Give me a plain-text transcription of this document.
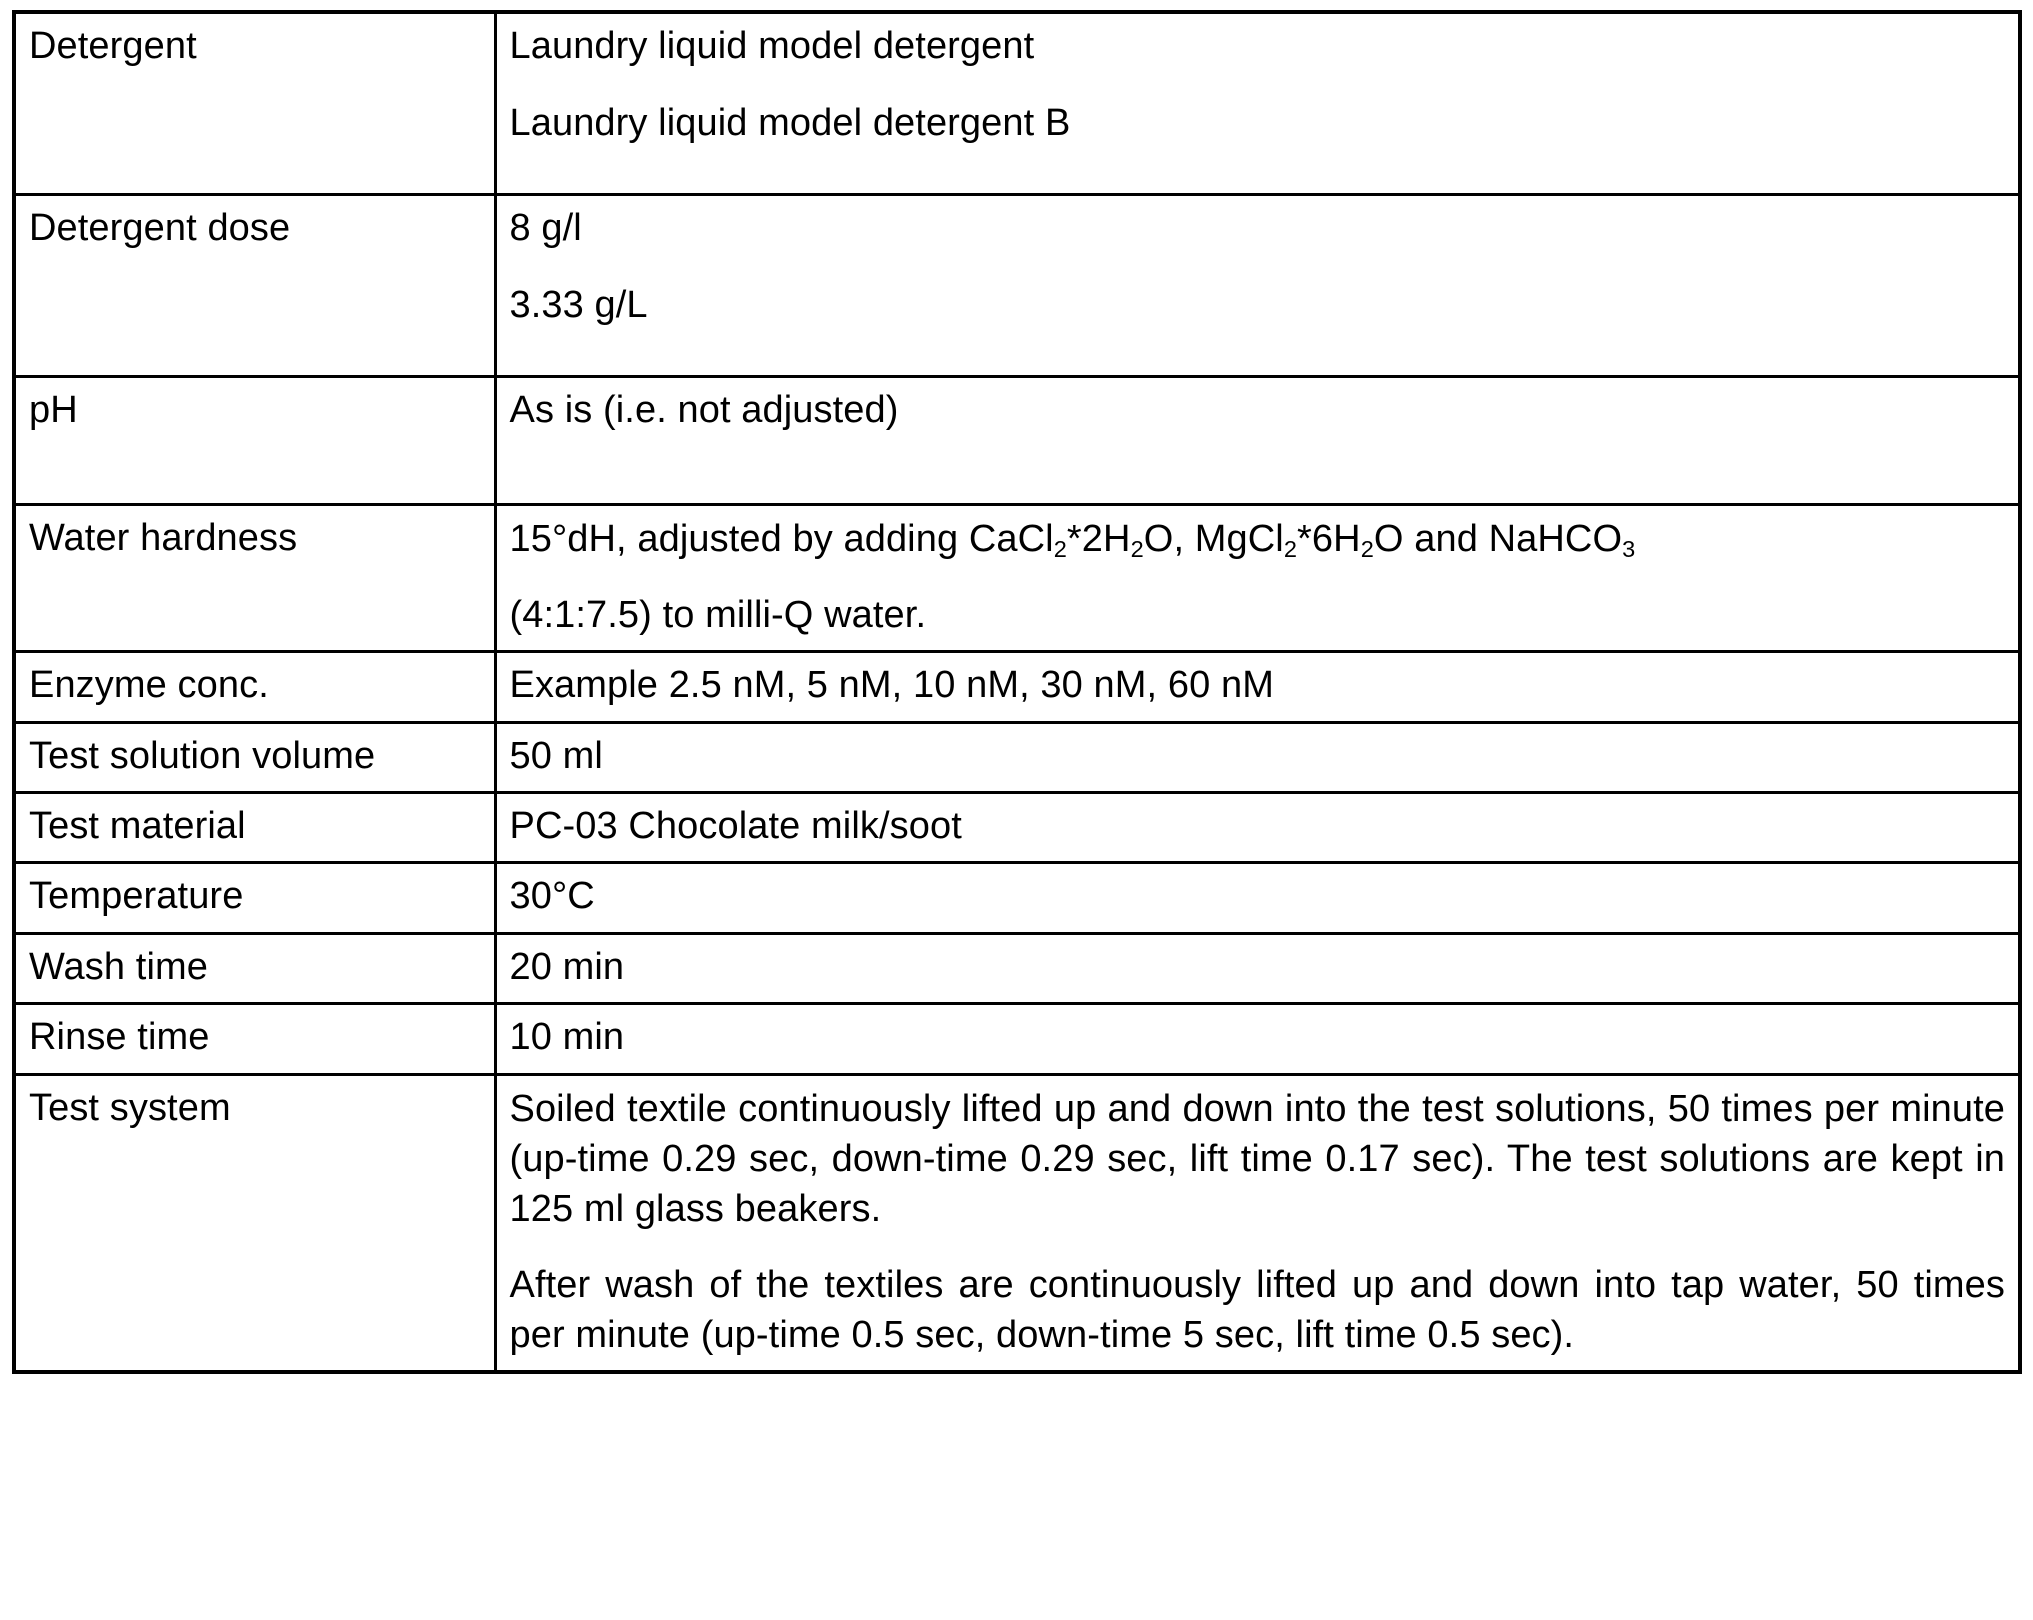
Detergent	Laundry liquid model detergent

Laundry liquid model detergent B

Detergent dose	8 g/l

3.33 g/L

pH	As is (i.e. not adjusted)

Water hardness	15°dH, adjusted by adding $CaCl_2*2H_2O$, $MgCl_2*6H_2O$ and NaHCO$_3$

(4:1:7.5) to milli-Q water.

Enzyme conc.	Example 2.5 nM, 5 nM, 10 nM, 30 nM, 60 nM

Test solution volume	50 ml

Test material	PC-03 Chocolate milk/soot

Temperature	30°C

Wash time	20 min

Rinse time	10 min

Test system	Soiled textile continuously lifted up and down into the test solutions, 50 times per minute (up-time 0.29 sec, down-time 0.29 sec, lift time 0.17 sec). The test solutions are kept in 125 ml glass beakers.

After wash of the textiles are continuously lifted up and down into tap water, 50 times per minute (up-time 0.5 sec, down-time 5 sec, lift time 0.5 sec).
